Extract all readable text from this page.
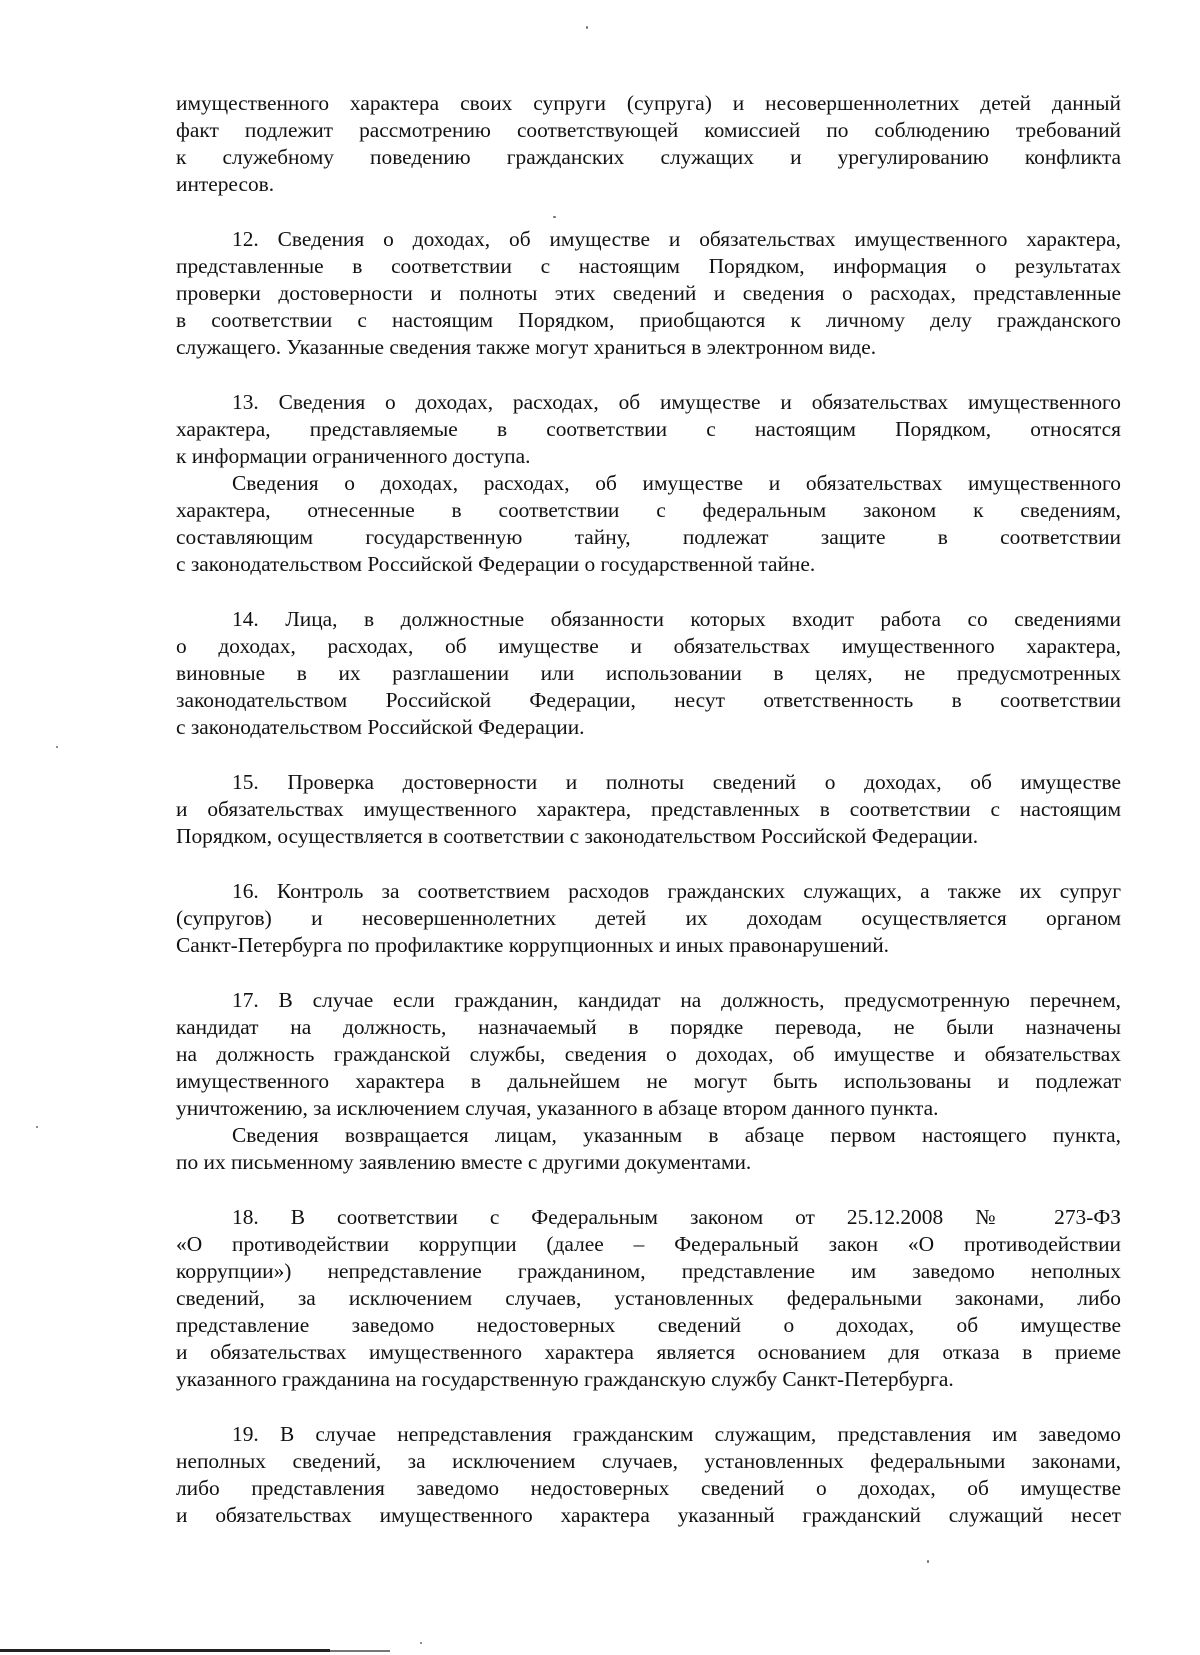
имущественного характера своих супруги (супруга) и несовершеннолетних детей данный
факт подлежит рассмотрению соответствующей комиссией по соблюдению требований
к служебному поведению гражданских служащих и урегулированию конфликта
интересов.

12. Сведения о доходах, об имуществе и обязательствах имущественного характера,
представленные в соответствии с настоящим Порядком, информация о результатах
проверки достоверности и полноты этих сведений и сведения о расходах, представленные
в соответствии с настоящим Порядком, приобщаются к личному делу гражданского
служащего. Указанные сведения также могут храниться в электронном виде.

13. Сведения о доходах, расходах, об имуществе и обязательствах имущественного
характера, представляемые в соответствии с настоящим Порядком, относятся
к информации ограниченного доступа.

Сведения о доходах, расходах, об имуществе и обязательствах имущественного
характера, отнесенные в соответствии с федеральным законом к сведениям,
составляющим государственную тайну, подлежат защите в соответствии
с законодательством Российской Федерации о государственной тайне.

14. Лица, в должностные обязанности которых входит работа со сведениями
о доходах, расходах, об имуществе и обязательствах имущественного характера,
виновные в их разглашении или использовании в целях, не предусмотренных
законодательством Российской Федерации, несут ответственность в соответствии
с законодательством Российской Федерации.

15. Проверка достоверности и полноты сведений о доходах, об имуществе
и обязательствах имущественного характера, представленных в соответствии с настоящим
Порядком, осуществляется в соответствии с законодательством Российской Федерации.

16. Контроль за соответствием расходов гражданских служащих, а также их супруг
(супругов) и несовершеннолетних детей их доходам осуществляется органом
Санкт-Петербурга по профилактике коррупционных и иных правонарушений.

17. В случае если гражданин, кандидат на должность, предусмотренную перечнем,
кандидат на должность, назначаемый в порядке перевода, не были назначены
на должность гражданской службы, сведения о доходах, об имуществе и обязательствах
имущественного характера в дальнейшем не могут быть использованы и подлежат
уничтожению, за исключением случая, указанного в абзаце втором данного пункта.

Сведения возвращается лицам, указанным в абзаце первом настоящего пункта,
по их письменному заявлению вместе с другими документами.

18. В соответствии с Федеральным законом от 25.12.2008 № 273-ФЗ
«О противодействии коррупции (далее – Федеральный закон «О противодействии
коррупции») непредставление гражданином, представление им заведомо неполных
сведений, за исключением случаев, установленных федеральными законами, либо
представление заведомо недостоверных сведений о доходах, об имуществе
и обязательствах имущественного характера является основанием для отказа в приеме
указанного гражданина на государственную гражданскую службу Санкт-Петербурга.

19. В случае непредставления гражданским служащим, представления им заведомо
неполных сведений, за исключением случаев, установленных федеральными законами,
либо представления заведомо недостоверных сведений о доходах, об имуществе
и обязательствах имущественного характера указанный гражданский служащий несет
